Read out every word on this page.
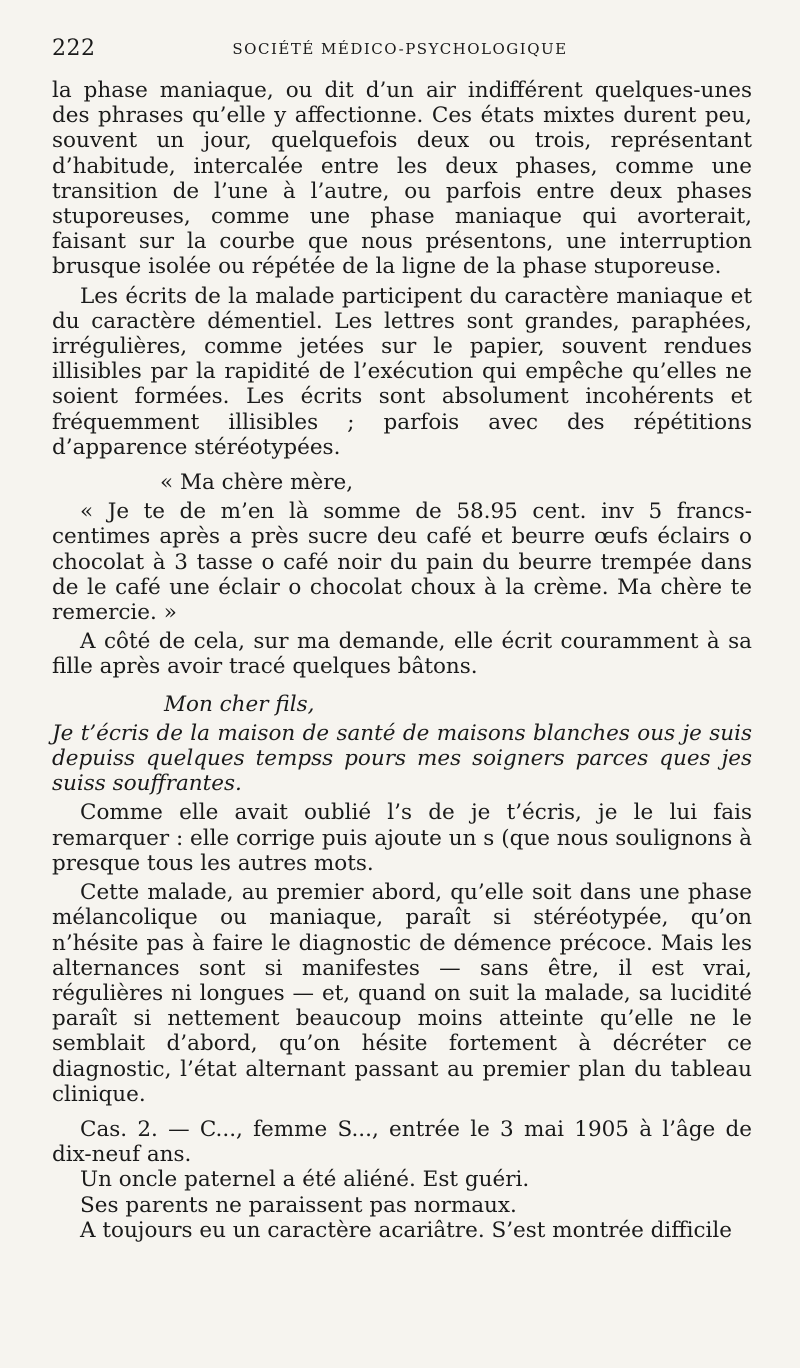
222	SOCIÉTÉ MÉDICO-PSYCHOLOGIQUE

la phase maniaque, ou dit d’un air indifférent quelques-unes des phrases qu’elle y affectionne. Ces états mixtes durent peu, souvent un jour, quelquefois deux ou trois, représentant d’habitude, intercalée entre les deux phases, comme une transition de l’une à l’autre, ou parfois entre deux phases stuporeuses, comme une phase maniaque qui avorterait, faisant sur la courbe que nous présentons, une interruption brusque isolée ou répétée de la ligne de la phase stuporeuse.

Les écrits de la malade participent du caractère maniaque et du caractère démentiel. Les lettres sont grandes, paraphées, irrégulières, comme jetées sur le papier, souvent rendues illisibles par la rapidité de l’exécution qui empêche qu’elles ne soient formées. Les écrits sont absolument incohérents et fréquemment illisibles ; parfois avec des répétitions d’apparence stéréotypées.

« Ma chère mère,

« Je te de m’en là somme de 58.95 cent. inv 5 francs-centimes après a près sucre deu café et beurre œufs éclairs o chocolat à 3 tasse o café noir du pain du beurre trempée dans de le café une éclair o chocolat choux à la crème. Ma chère te remercie. »

A côté de cela, sur ma demande, elle écrit couramment à sa fille après avoir tracé quelques bâtons.

Mon cher fils,

Je t’écris de la maison de santé de maisons blanches ous je suis depuiss quelques tempss pours mes soigners parces ques jes suiss souffrantes.

Comme elle avait oublié l’s de je t’écris, je le lui fais remarquer : elle corrige puis ajoute un s (que nous soulignons à presque tous les autres mots.

Cette malade, au premier abord, qu’elle soit dans une phase mélancolique ou maniaque, paraît si stéréotypée, qu’on n’hésite pas à faire le diagnostic de démence précoce. Mais les alternances sont si manifestes — sans être, il est vrai, régulières ni longues — et, quand on suit la malade, sa lucidité paraît si nettement beaucoup moins atteinte qu’elle ne le semblait d’abord, qu’on hésite fortement à décréter ce diagnostic, l’état alternant passant au premier plan du tableau clinique.

Cas. 2. — C..., femme S..., entrée le 3 mai 1905 à l’âge de dix-neuf ans.

Un oncle paternel a été aliéné. Est guéri.

Ses parents ne paraissent pas normaux.

A toujours eu un caractère acariâtre. S’est montrée difficile
